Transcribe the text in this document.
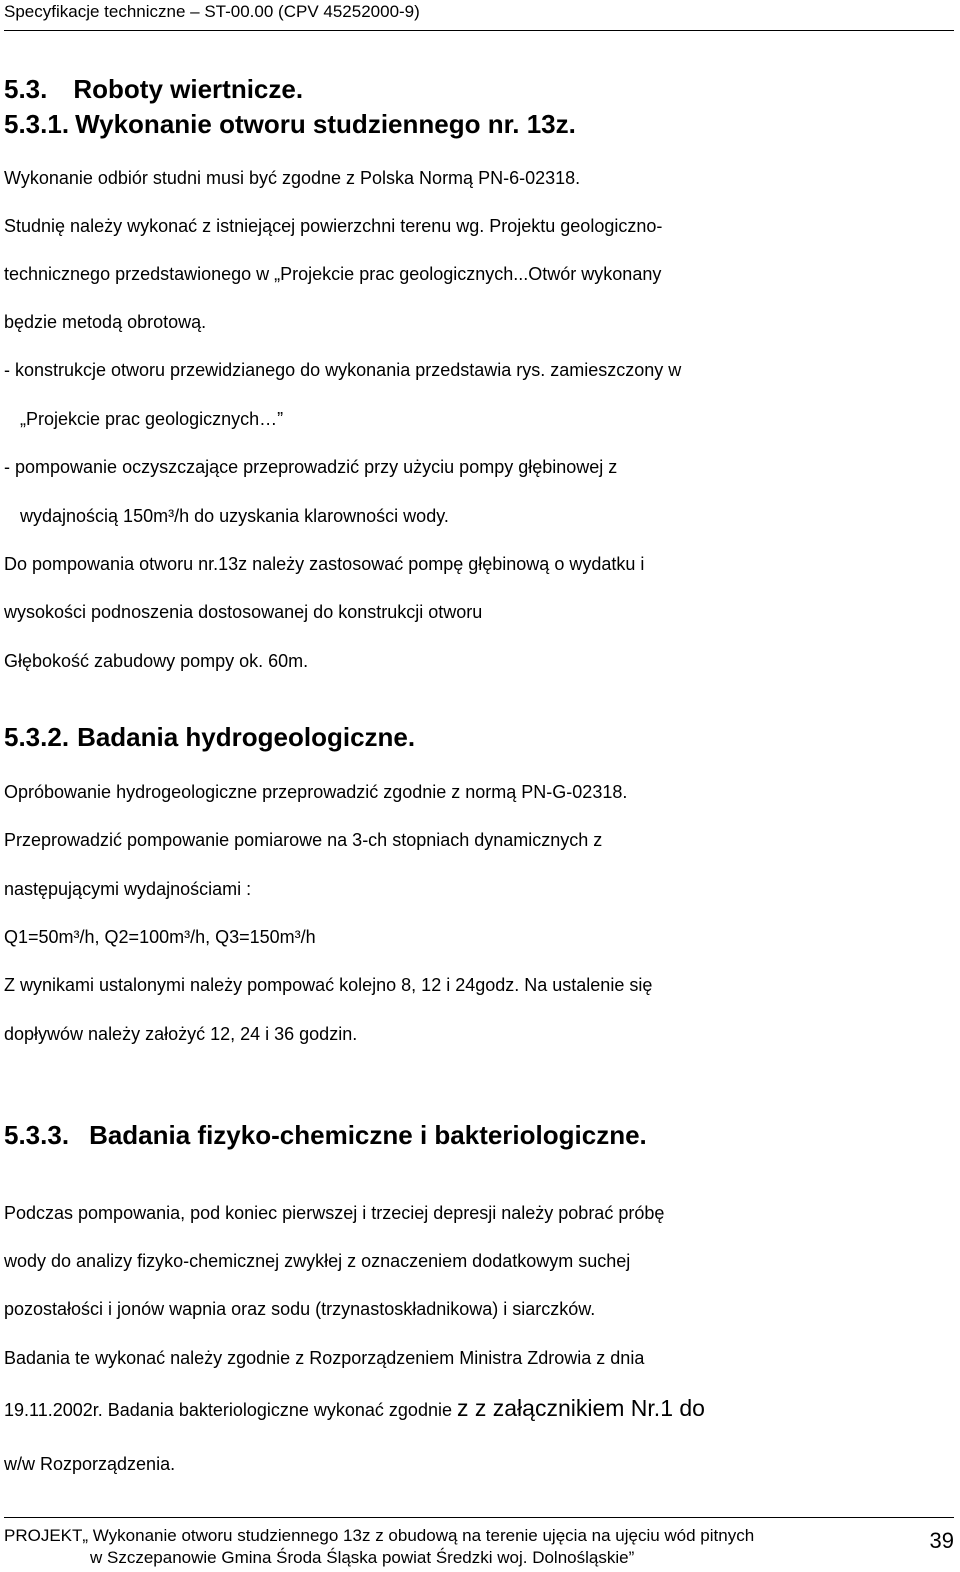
Specyfikacje techniczne – ST-00.00 (CPV 45252000-9)
5.3. Roboty wiertnicze.
5.3.1. Wykonanie otworu studziennego nr. 13z.
Wykonanie odbiór studni musi być zgodne z Polska Normą PN-6-02318.
Studnię należy wykonać z istniejącej powierzchni terenu wg. Projektu geologiczno-
technicznego przedstawionego w „Projekcie prac geologicznych...Otwór wykonany
będzie metodą obrotową.
- konstrukcje otworu przewidzianego do wykonania przedstawia rys. zamieszczony w
„Projekcie prac geologicznych…”
- pompowanie oczyszczające przeprowadzić przy użyciu pompy głębinowej z
wydajnością 150m³/h do uzyskania klarowności wody.
Do pompowania otworu nr.13z należy zastosować pompę głębinową o wydatku i
wysokości podnoszenia dostosowanej do konstrukcji otworu
Głębokość zabudowy pompy ok. 60m.
5.3.2. Badania hydrogeologiczne.
Opróbowanie hydrogeologiczne przeprowadzić zgodnie z normą PN-G-02318.
Przeprowadzić pompowanie pomiarowe na 3-ch stopniach dynamicznych z
następującymi wydajnościami :
Q1=50m³/h, Q2=100m³/h, Q3=150m³/h
Z wynikami ustalonymi należy pompować kolejno 8, 12 i 24godz. Na ustalenie się
dopływów należy założyć 12, 24 i 36 godzin.
5.3.3. Badania fizyko-chemiczne i bakteriologiczne.
Podczas pompowania, pod koniec pierwszej i trzeciej depresji należy pobrać próbę
wody do analizy fizyko-chemicznej zwykłej z oznaczeniem dodatkowym suchej
pozostałości i jonów wapnia oraz sodu (trzynastoskładnikowa) i siarczków.
Badania te wykonać należy zgodnie z Rozporządzeniem Ministra Zdrowia z dnia
19.11.2002r. Badania bakteriologiczne wykonać zgodnie z z załącznikiem Nr.1 do
w/w Rozporządzenia.
PROJEKT„ Wykonanie otworu studziennego 13z z obudową na terenie ujęcia na ujęciu wód pitnych
w Szczepanowie Gmina Środa Śląska powiat Średzki woj. Dolnośląskie”
39
